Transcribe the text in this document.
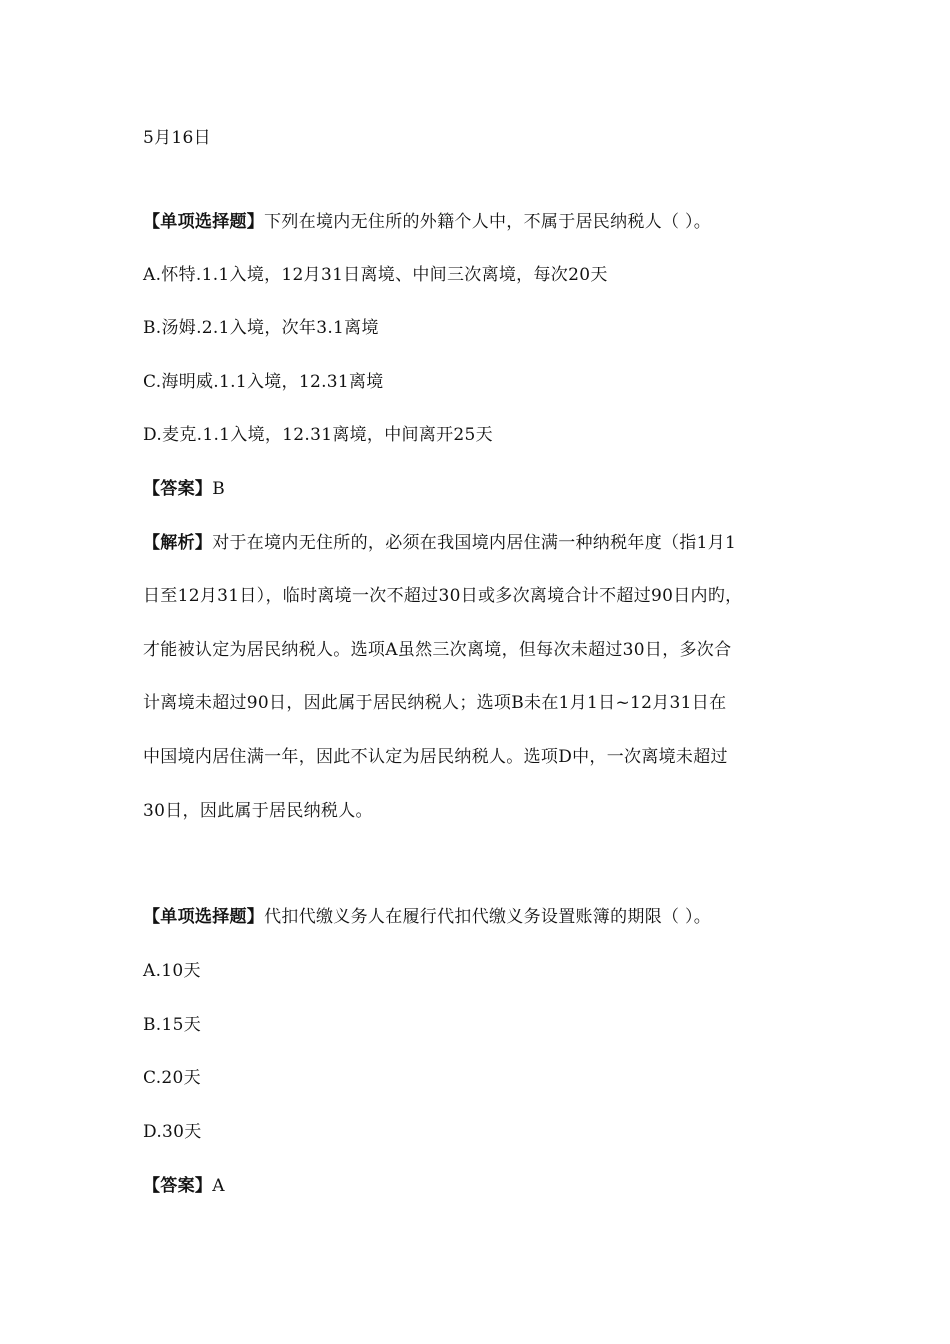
5月16日
【单项选择题】下列在境内无住所的外籍个人中，不属于居民纳税人（ ）。
A.怀特.1.1入境，12月31日离境、中间三次离境，每次20天
B.汤姆.2.1入境，次年3.1离境
C.海明威.1.1入境，12.31离境
D.麦克.1.1入境，12.31离境，中间离开25天
【答案】B
【解析】对于在境内无住所的，必须在我国境内居住满一种纳税年度（指1月1
日至12月31日），临时离境一次不超过30日或多次离境合计不超过90日内旳，
才能被认定为居民纳税人。选项A虽然三次离境，但每次未超过30日，多次合
计离境未超过90日，因此属于居民纳税人；选项B未在1月1日~12月31日在
中国境内居住满一年，因此不认定为居民纳税人。选项D中，一次离境未超过
30日，因此属于居民纳税人。
【单项选择题】代扣代缴义务人在履行代扣代缴义务设置账簿的期限（ ）。
A.10天
B.15天
C.20天
D.30天
【答案】A
